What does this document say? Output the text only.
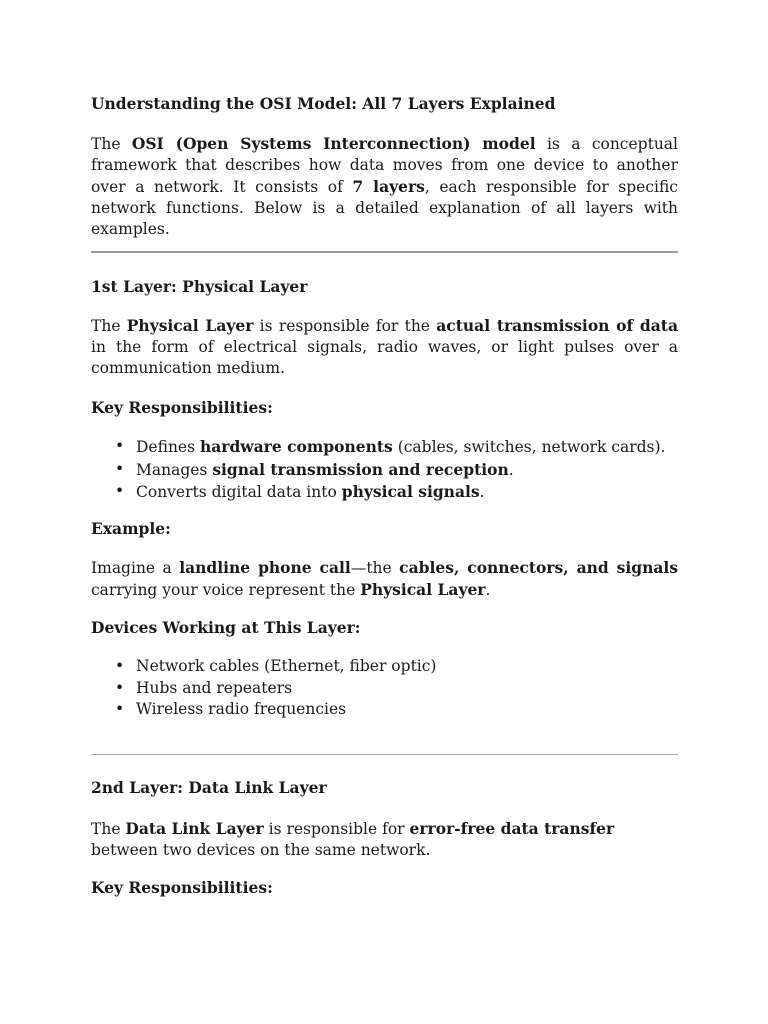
Understanding the OSI Model: All 7 Layers Explained

The OSI (Open Systems Interconnection) model is a conceptual framework that describes how data moves from one device to another over a network. It consists of 7 layers, each responsible for specific network functions. Below is a detailed explanation of all layers with examples.

1st Layer: Physical Layer

The Physical Layer is responsible for the actual transmission of data in the form of electrical signals, radio waves, or light pulses over a communication medium.

Key Responsibilities:

• Defines hardware components (cables, switches, network cards).
• Manages signal transmission and reception.
• Converts digital data into physical signals.

Example:

Imagine a landline phone call—the cables, connectors, and signals carrying your voice represent the Physical Layer.

Devices Working at This Layer:

• Network cables (Ethernet, fiber optic)
• Hubs and repeaters
• Wireless radio frequencies

2nd Layer: Data Link Layer

The Data Link Layer is responsible for error-free data transfer between two devices on the same network.

Key Responsibilities:
